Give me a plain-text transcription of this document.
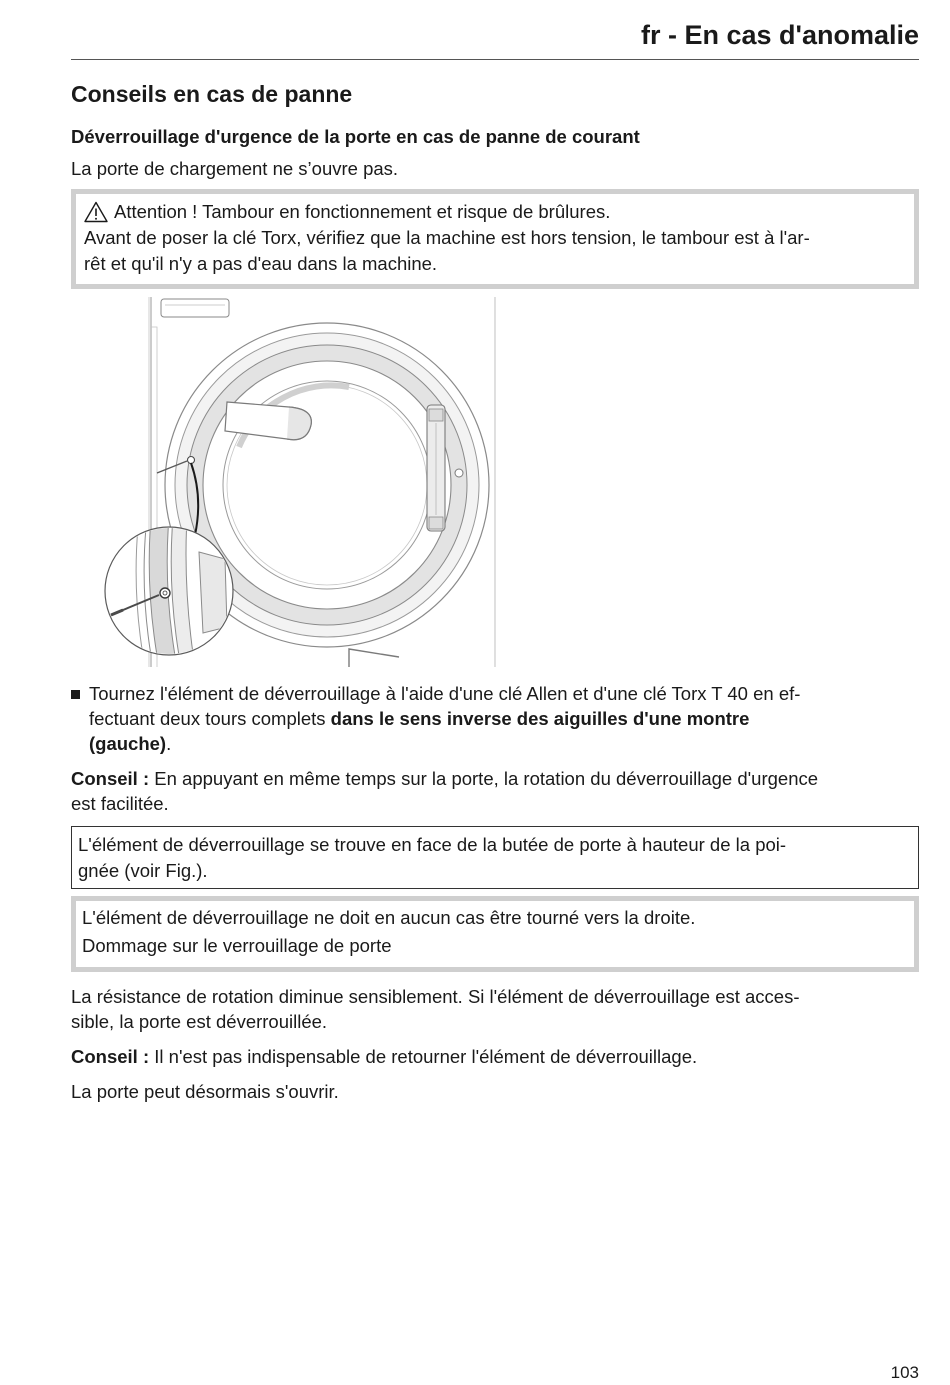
fr - En cas d'anomalie
Conseils en cas de panne
Déverrouillage d'urgence de la porte en cas de panne de courant

La porte de chargement ne s’ouvre pas.

Attention ! Tambour en fonctionnement et risque de brûlures.
Avant de poser la clé Torx, vérifiez que la machine est hors tension, le tambour est à l'ar-
rêt et qu'il n'y a pas d'eau dans la machine.
Tournez l'élément de déverrouillage à l'aide d'une clé Allen et d'une clé Torx T 40 en ef-
fectuant deux tours complets dans le sens inverse des aiguilles d'une montre
(gauche).

Conseil : En appuyant en même temps sur la porte, la rotation du déverrouillage d'urgence
est facilitée.

L'élément de déverrouillage se trouve en face de la butée de porte à hauteur de la poi-
gnée (voir Fig.).
L'élément de déverrouillage ne doit en aucun cas être tourné vers la droite.
Dommage sur le verrouillage de porte

La résistance de rotation diminue sensiblement. Si l'élément de déverrouillage est acces-
sible, la porte est déverrouillée.

Conseil : Il n'est pas indispensable de retourner l'élément de déverrouillage.

La porte peut désormais s'ouvrir.

103
